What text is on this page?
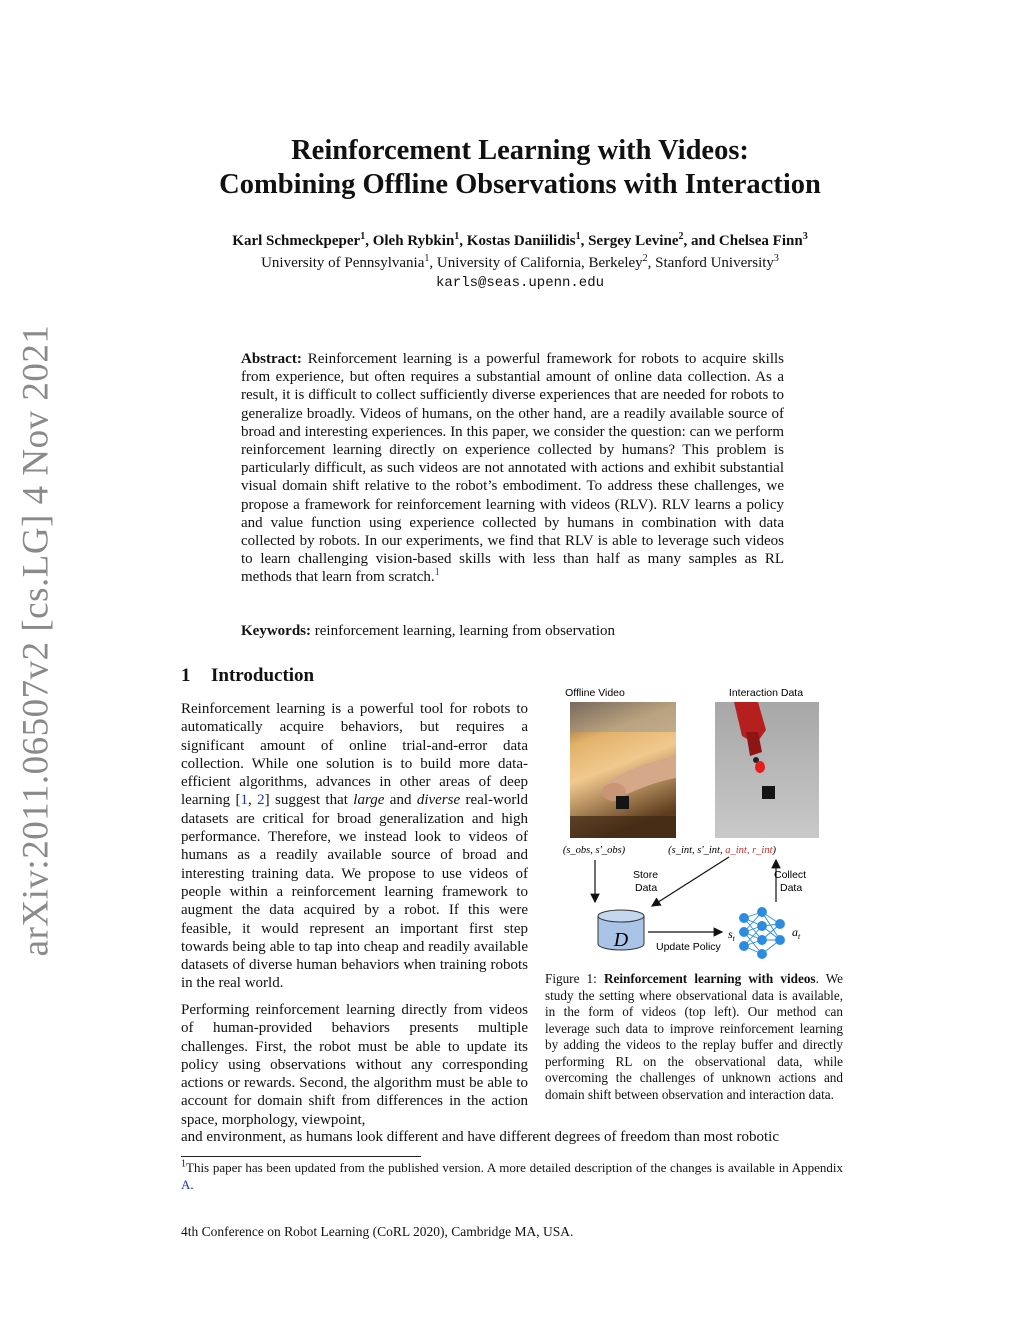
arXiv:2011.06507v2 [cs.LG] 4 Nov 2021
Reinforcement Learning with Videos:
Combining Offline Observations with Interaction
Karl Schmeckpeper$^1$, Oleh Rybkin$^1$, Kostas Daniilidis$^1$, Sergey Levine$^2$, and Chelsea Finn$^3$
University of Pennsylvania$^1$, University of California, Berkeley$^2$, Stanford University$^3$
karls@seas.upenn.edu
Abstract: Reinforcement learning is a powerful framework for robots to acquire skills from experience, but often requires a substantial amount of online data collection. As a result, it is difficult to collect sufficiently diverse experiences that are needed for robots to generalize broadly. Videos of humans, on the other hand, are a readily available source of broad and interesting experiences. In this paper, we consider the question: can we perform reinforcement learning directly on experience collected by humans? This problem is particularly difficult, as such videos are not annotated with actions and exhibit substantial visual domain shift relative to the robot’s embodiment. To address these challenges, we propose a framework for reinforcement learning with videos (RLV). RLV learns a policy and value function using experience collected by humans in combination with data collected by robots. In our experiments, we find that RLV is able to leverage such videos to learn challenging vision-based skills with less than half as many samples as RL methods that learn from scratch.$^1$
Keywords: reinforcement learning, learning from observation
1 Introduction

Reinforcement learning is a powerful tool for robots to automatically acquire behaviors, but requires a significant amount of online trial-and-error data collection. While one solution is to build more data-efficient algorithms, advances in other areas of deep learning [1, 2] suggest that large and diverse real-world datasets are critical for broad generalization and high performance. Therefore, we instead look to videos of humans as a readily available source of broad and interesting training data. We propose to use videos of people within a reinforcement learning framework to augment the data acquired by a robot. If this were feasible, it would represent an important first step towards being able to tap into cheap and readily available datasets of diverse human behaviors when training robots in the real world.

Performing reinforcement learning directly from videos of human-provided behaviors presents multiple challenges. First, the robot must be able to update its policy using observations without any corresponding actions or rewards. Second, the algorithm must be able to account for domain shift from differences in the action space, morphology, viewpoint,

and environment, as humans look different and have different degrees of freedom than most robotic
Offline Video	Interaction Data
(s_obs, s'_obs)	(s_int, s'_int, a_int, r_int)
Store
Data
Collect
Data
D	Update Policy
$s_t$	$a_t$
Figure 1: Reinforcement learning with videos. We study the setting where observational data is available, in the form of videos (top left). Our method can leverage such data to improve reinforcement learning by adding the videos to the replay buffer and directly performing RL on the observational data, while overcoming the challenges of unknown actions and domain shift between observation and interaction data.
$^1$This paper has been updated from the published version. A more detailed description of the changes is available in Appendix A.
4th Conference on Robot Learning (CoRL 2020), Cambridge MA, USA.
